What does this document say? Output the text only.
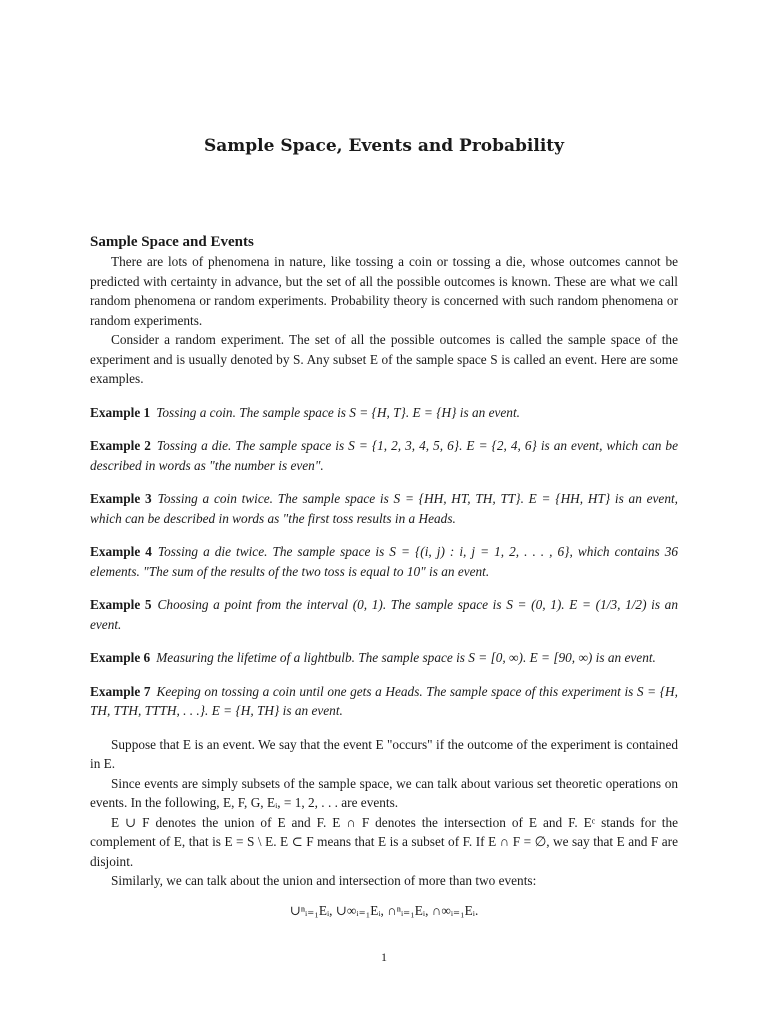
Sample Space, Events and Probability

Sample Space and Events

There are lots of phenomena in nature, like tossing a coin or tossing a die, whose outcomes cannot be predicted with certainty in advance, but the set of all the possible outcomes is known. These are what we call random phenomena or random experiments. Probability theory is concerned with such random phenomena or random experiments.

Consider a random experiment. The set of all the possible outcomes is called the sample space of the experiment and is usually denoted by S. Any subset E of the sample space S is called an event. Here are some examples.

Example 1 Tossing a coin. The sample space is S = {H, T}. E = {H} is an event.

Example 2 Tossing a die. The sample space is S = {1, 2, 3, 4, 5, 6}. E = {2, 4, 6} is an event, which can be described in words as "the number is even".

Example 3 Tossing a coin twice. The sample space is S = {HH, HT, TH, TT}. E = {HH, HT} is an event, which can be described in words as "the first toss results in a Heads.

Example 4 Tossing a die twice. The sample space is S = {(i, j) : i, j = 1, 2, . . . , 6}, which contains 36 elements. "The sum of the results of the two toss is equal to 10" is an event.

Example 5 Choosing a point from the interval (0, 1). The sample space is S = (0, 1). E = (1/3, 1/2) is an event.

Example 6 Measuring the lifetime of a lightbulb. The sample space is S = [0, ∞). E = [90, ∞) is an event.

Example 7 Keeping on tossing a coin until one gets a Heads. The sample space of this experiment is S = {H, TH, TTH, TTTH, . . .}. E = {H, TH} is an event.

Suppose that E is an event. We say that the event E "occurs" if the outcome of the experiment is contained in E.

Since events are simply subsets of the sample space, we can talk about various set theoretic operations on events. In the following, E, F, G, Eᵢ, = 1, 2, . . . are events.

E ∪ F denotes the union of E and F. E ∩ F denotes the intersection of E and F. Eᶜ stands for the complement of E, that is E = S \ E. E ⊂ F means that E is a subset of F. If E ∩ F = ∅, we say that E and F are disjoint.

Similarly, we can talk about the union and intersection of more than two events:

∪ⁿᵢ₌₁Eᵢ, ∪∞ᵢ₌₁Eᵢ, ∩ⁿᵢ₌₁Eᵢ, ∩∞ᵢ₌₁Eᵢ.

1
